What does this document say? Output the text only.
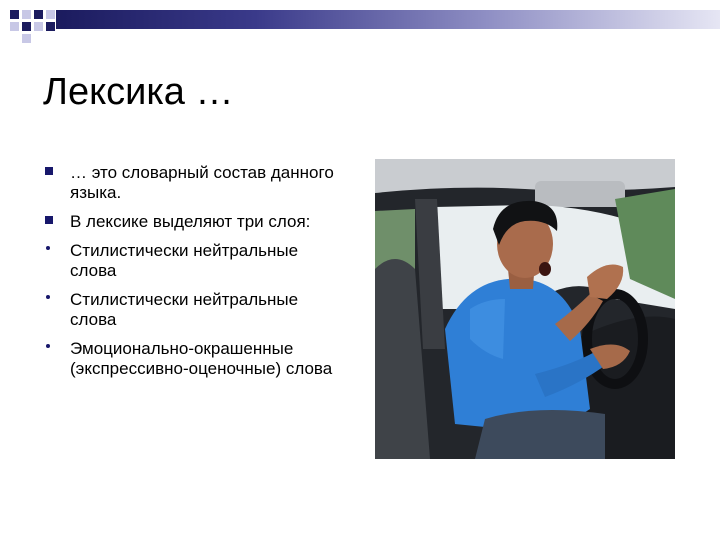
Лексика …
… это словарный состав данного языка.
В лексике выделяют три слоя:
Стилистически нейтральные слова
Стилистически нейтральные слова
Эмоционально-окрашенные (экспрессивно-оценочные) слова
